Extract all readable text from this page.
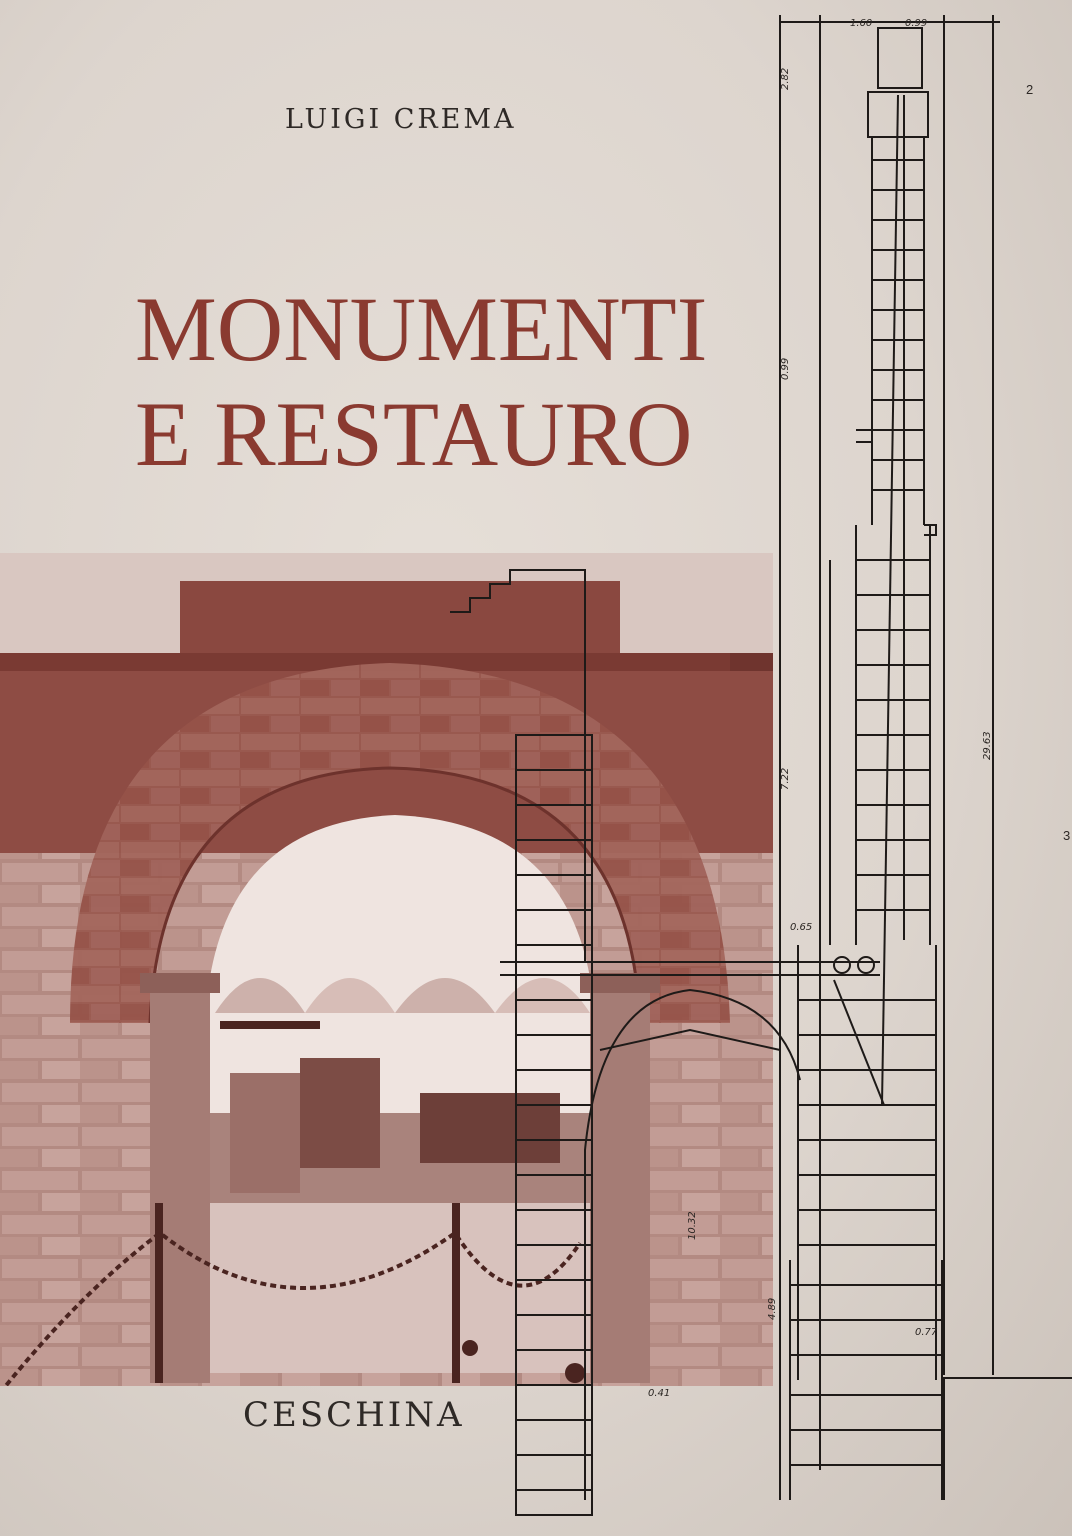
LUIGI CREMA
MONUMENTI
E RESTAURO
1.60	0.99
2.82
0.99
7.22
29.63
10.32
4.89
0.77
0.41
0.65
CESCHINA
2
3
